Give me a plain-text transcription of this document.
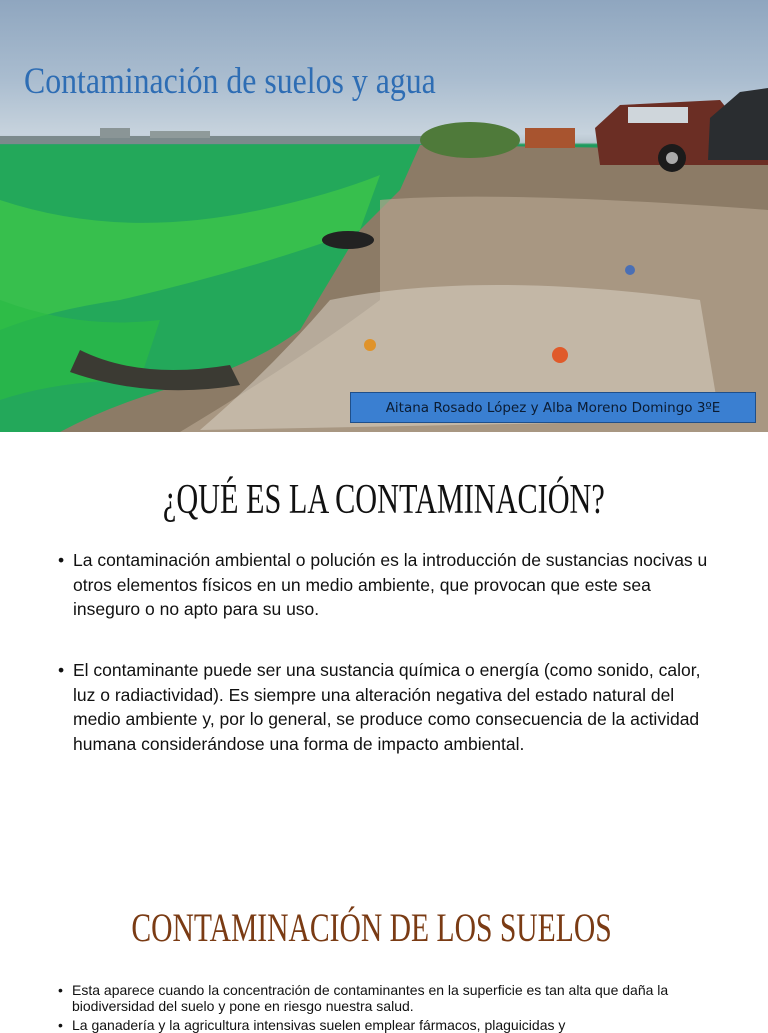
Contaminación de suelos y agua
Aitana Rosado López y Alba Moreno Domingo 3ºE
¿QUÉ ES LA CONTAMINACIÓN?
• La contaminación ambiental o polución es la introducción de sustancias nocivas u otros elementos físicos en un medio ambiente, que provocan que este sea inseguro o no apto para su uso.
• El contaminante puede ser una sustancia química o energía (como sonido, calor, luz o radiactividad). Es siempre una alteración negativa del estado natural del medio ambiente y, por lo general, se produce como consecuencia de la actividad humana considerándose una forma de impacto ambiental.
CONTAMINACIÓN DE LOS SUELOS
• Esta aparece cuando la concentración de contaminantes en la superficie es tan alta que daña la biodiversidad del suelo y pone en riesgo nuestra salud.
• La ganadería y la agricultura intensivas suelen emplear fármacos, plaguicidas y
